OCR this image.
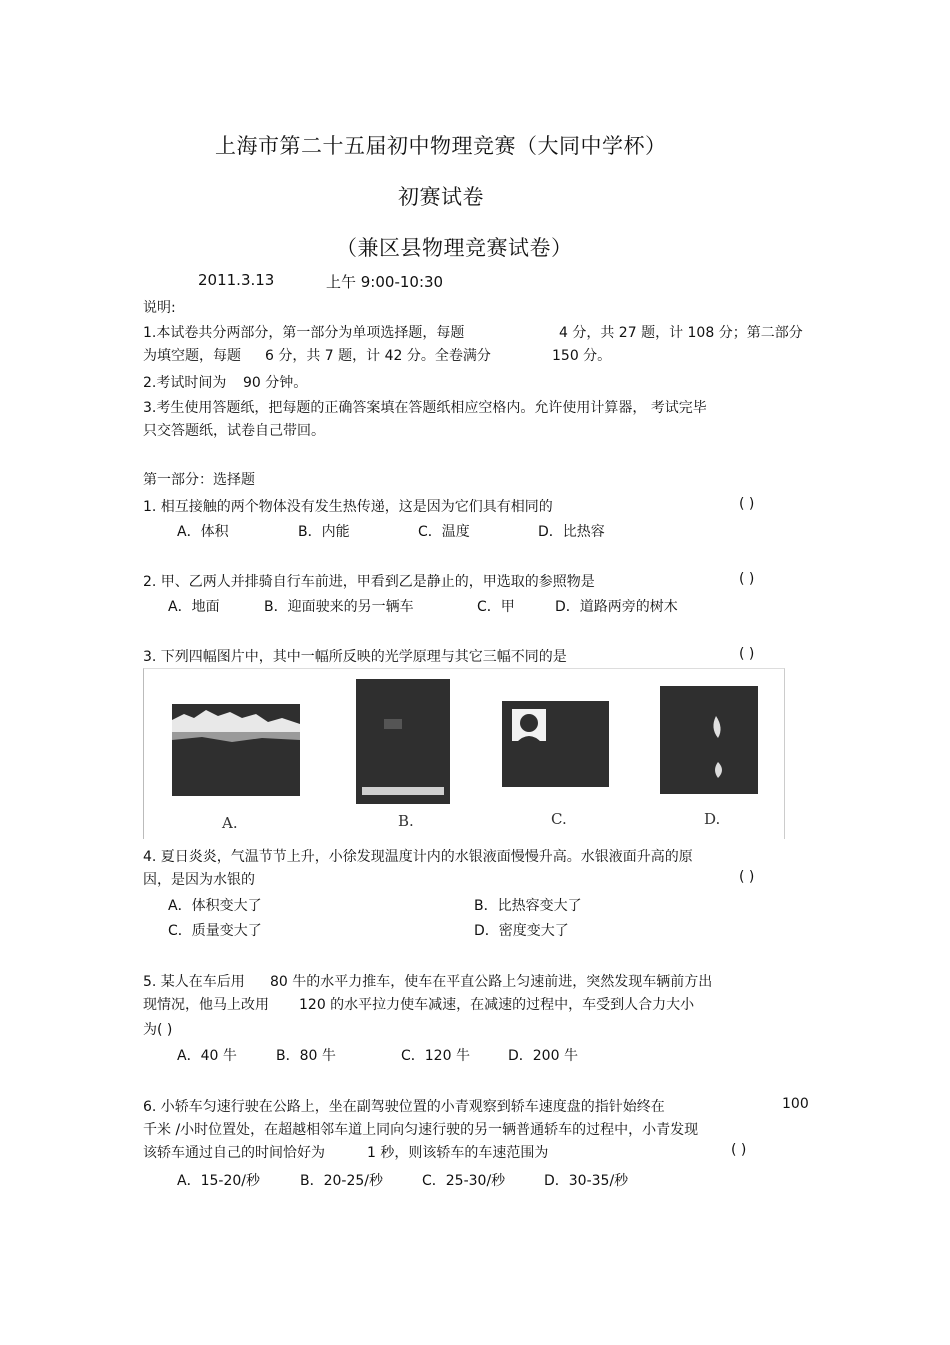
上海市第二十五届初中物理竞赛（大同中学杯）
初赛试卷
（兼区县物理竞赛试卷）
2011.3.13	上午 9:00-10:30
说明:
1.本试卷共分两部分，第一部分为单项选择题，每题	4 分，共 27 题，计 108 分；第二部分
为填空题，每题 6 分，共 7 题，计 42 分。全卷满分	150 分。
2.考试时间为 90 分钟。
3.考生使用答题纸，把每题的正确答案填在答题纸相应空格内。允许使用计算器， 考试完毕
只交答题纸，试卷自己带回。
第一部分：选择题
1. 相互接触的两个物体没有发生热传递，这是因为它们具有相同的	( )
A．体积	B．内能	C．温度	D．比热容
2. 甲、乙两人并排骑自行车前进，甲看到乙是静止的，甲选取的参照物是	( )
A．地面	B．迎面驶来的另一辆车	C．甲	D．道路两旁的树木
3. 下列四幅图片中，其中一幅所反映的光学原理与其它三幅不同的是	( )
A.	B.	C.	D.
4. 夏日炎炎，气温节节上升，小徐发现温度计内的水银液面慢慢升高。水银液面升高的原
因，是因为水银的	( )
A．体积变大了	B．比热容变大了
C．质量变大了	D．密度变大了
5. 某人在车后用 80 牛的水平力推车，使车在平直公路上匀速前进，突然发现车辆前方出
现情况，他马上改用 120 的水平拉力使车减速，在减速的过程中，车受到人合力大小
为( )
A．40 牛	B．80 牛	C．120 牛	D．200 牛
6. 小轿车匀速行驶在公路上，坐在副驾驶位置的小青观察到轿车速度盘的指针始终在	100
千米 /小时位置处，在超越相邻车道上同向匀速行驶的另一辆普通轿车的过程中，小青发现
该轿车通过自己的时间恰好为	1 秒，则该轿车的车速范围为	( )
A．15-20/秒	B．20-25/秒	C．25-30/秒	D．30-35/秒
